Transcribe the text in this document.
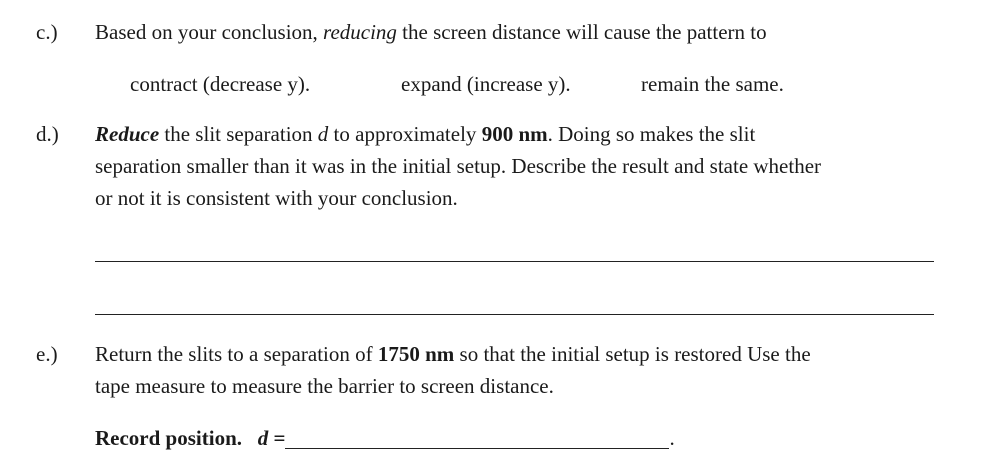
c.) Based on your conclusion, reducing the screen distance will cause the pattern to
contract (decrease y).	expand (increase y).	remain the same.
d.) Reduce the slit separation d to approximately 900 nm. Doing so makes the slit
separation smaller than it was in the initial setup. Describe the result and state whether
or not it is consistent with your conclusion.
e.) Return the slits to a separation of 1750 nm so that the initial setup is restored Use the
tape measure to measure the barrier to screen distance.
Record position. d =	.
